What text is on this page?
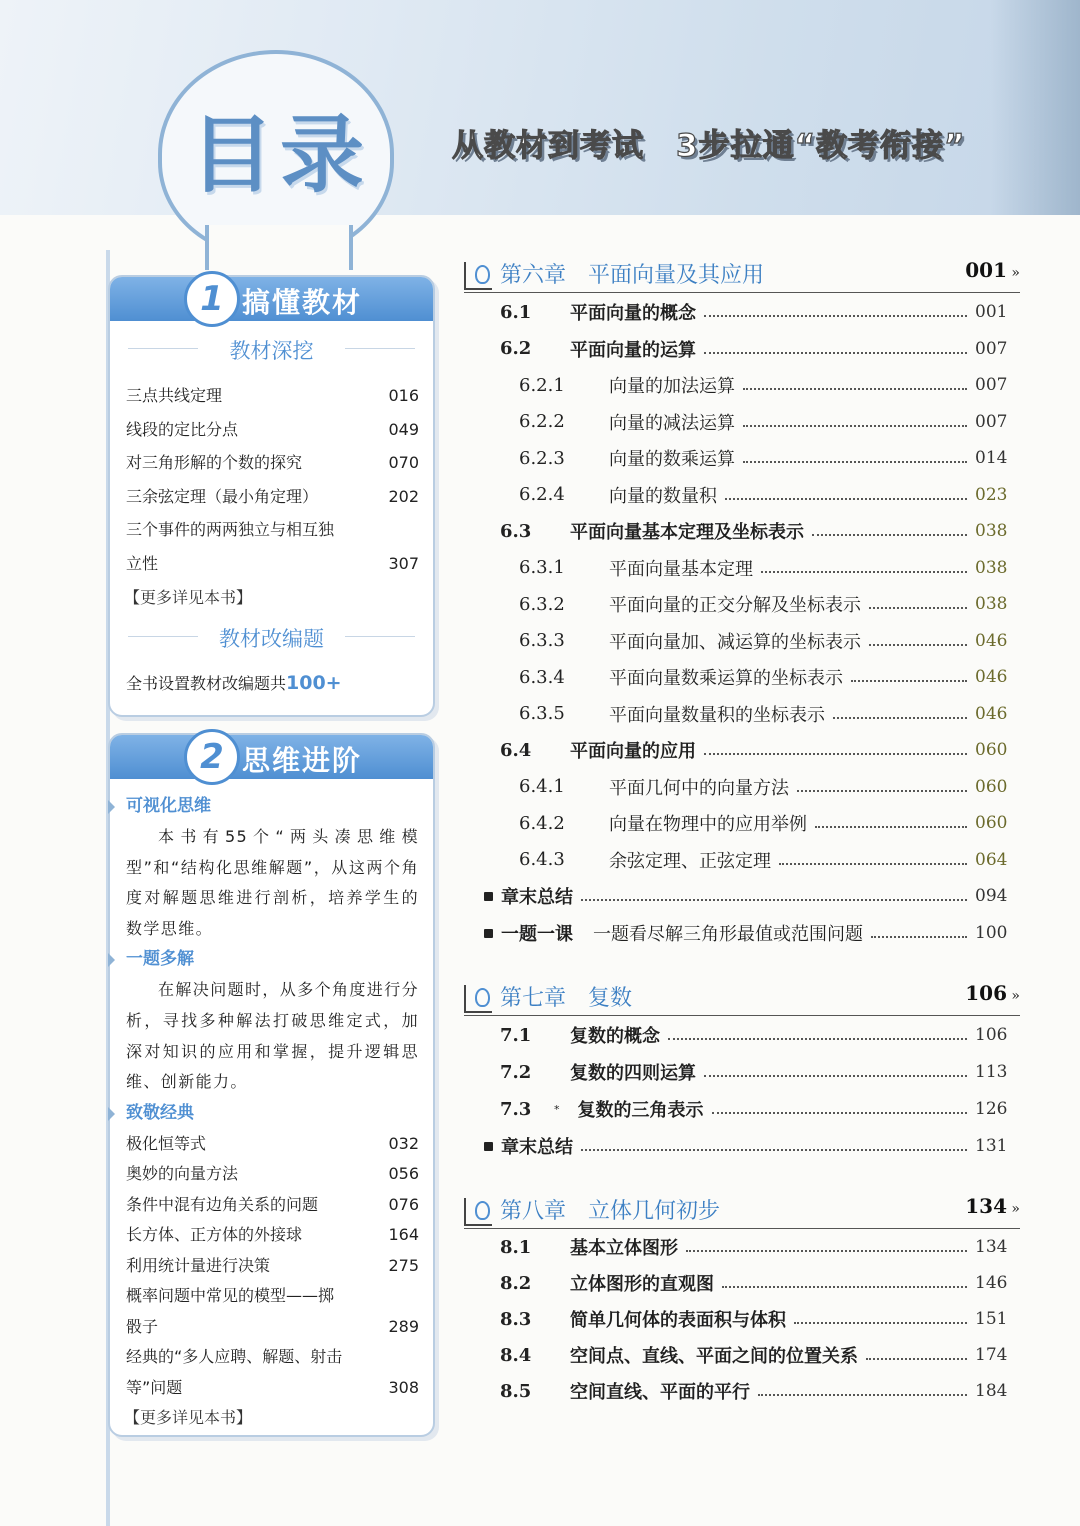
目录	从教材到考试　3步拉通“教考衔接”
1 搞懂教材
教材深挖
三点共线定理	016
线段的定比分点	049
对三角形解的个数的探究	070
三余弦定理（最小角定理）	202
三个事件的两两独立与相互独
立性	307
【更多详见本书】
教材改编题
全书设置教材改编题共100+
2 思维进阶
可视化思维
本书有55个“两头凑思维模型”和“结构化思维解题”，从这两个角度对解题思维进行剖析，培养学生的数学思维。
一题多解
在解决问题时，从多个角度进行分析，寻找多种解法打破思维定式，加深对知识的应用和掌握，提升逻辑思维、创新能力。
致敬经典
极化恒等式	032
奥妙的向量方法	056
条件中混有边角关系的问题	076
长方体、正方体的外接球	164
利用统计量进行决策	275
概率问题中常见的模型——掷
骰子	289
经典的“多人应聘、解题、射击
等”问题	308
【更多详见本书】
第六章　平面向量及其应用	001 »
6.1	平面向量的概念	001
6.2	平面向量的运算	007
6.2.1	向量的加法运算	007
6.2.2	向量的减法运算	007
6.2.3	向量的数乘运算	014
6.2.4	向量的数量积	023
6.3	平面向量基本定理及坐标表示	038
6.3.1	平面向量基本定理	038
6.3.2	平面向量的正交分解及坐标表示	038
6.3.3	平面向量加、减运算的坐标表示	046
6.3.4	平面向量数乘运算的坐标表示	046
6.3.5	平面向量数量积的坐标表示	046
6.4	平面向量的应用	060
6.4.1	平面几何中的向量方法	060
6.4.2	向量在物理中的应用举例	060
6.4.3	余弦定理、正弦定理	064
章末总结	094
一题一课 一题看尽解三角形最值或范围问题	100
第七章　复数	106 »
7.1	复数的概念	106
7.2	复数的四则运算	113
7.3	* 复数的三角表示	126
章末总结	131
第八章　立体几何初步	134 »
8.1	基本立体图形	134
8.2	立体图形的直观图	146
8.3	简单几何体的表面积与体积	151
8.4	空间点、直线、平面之间的位置关系	174
8.5	空间直线、平面的平行	184
